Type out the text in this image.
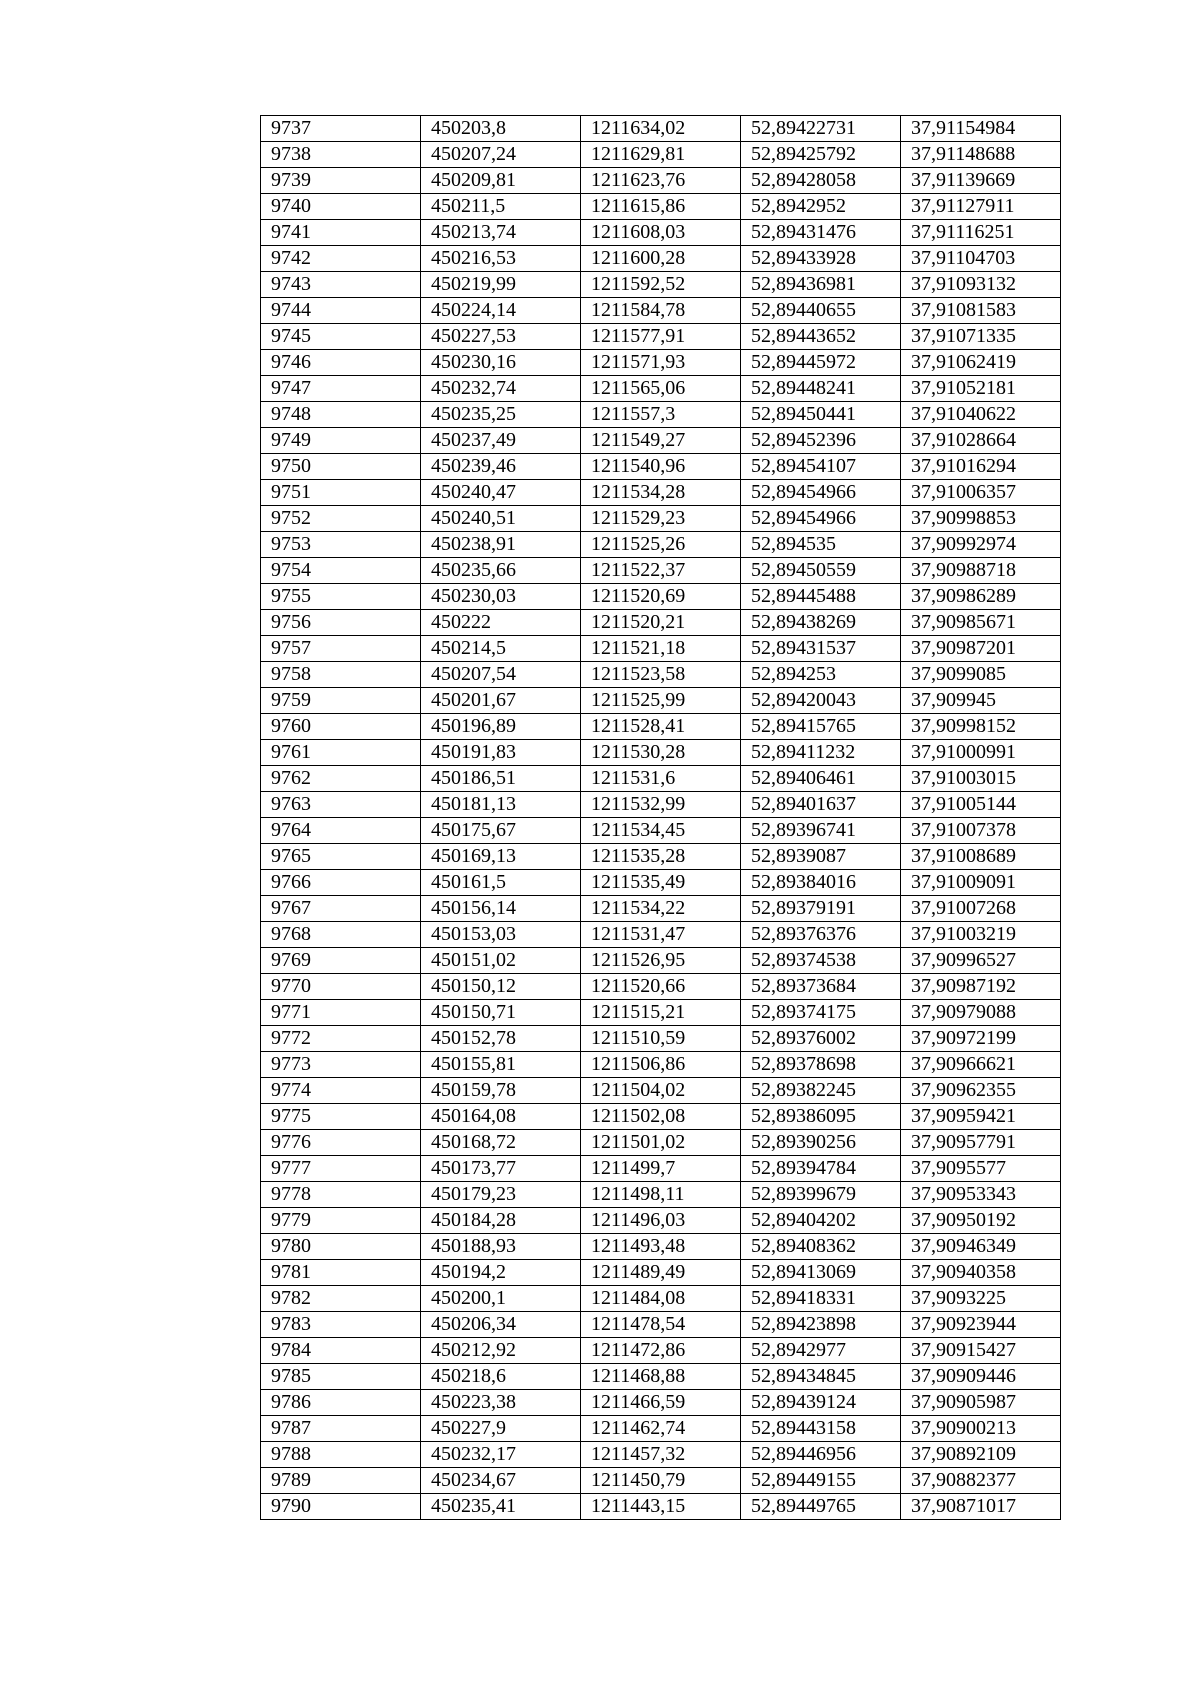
9737	450203,8	1211634,02	52,89422731	37,91154984
9738	450207,24	1211629,81	52,89425792	37,91148688
9739	450209,81	1211623,76	52,89428058	37,91139669
9740	450211,5	1211615,86	52,8942952	37,91127911
9741	450213,74	1211608,03	52,89431476	37,91116251
9742	450216,53	1211600,28	52,89433928	37,91104703
9743	450219,99	1211592,52	52,89436981	37,91093132
9744	450224,14	1211584,78	52,89440655	37,91081583
9745	450227,53	1211577,91	52,89443652	37,91071335
9746	450230,16	1211571,93	52,89445972	37,91062419
9747	450232,74	1211565,06	52,89448241	37,91052181
9748	450235,25	1211557,3	52,89450441	37,91040622
9749	450237,49	1211549,27	52,89452396	37,91028664
9750	450239,46	1211540,96	52,89454107	37,91016294
9751	450240,47	1211534,28	52,89454966	37,91006357
9752	450240,51	1211529,23	52,89454966	37,90998853
9753	450238,91	1211525,26	52,894535	37,90992974
9754	450235,66	1211522,37	52,89450559	37,90988718
9755	450230,03	1211520,69	52,89445488	37,90986289
9756	450222	1211520,21	52,89438269	37,90985671
9757	450214,5	1211521,18	52,89431537	37,90987201
9758	450207,54	1211523,58	52,894253	37,9099085
9759	450201,67	1211525,99	52,89420043	37,909945
9760	450196,89	1211528,41	52,89415765	37,90998152
9761	450191,83	1211530,28	52,89411232	37,91000991
9762	450186,51	1211531,6	52,89406461	37,91003015
9763	450181,13	1211532,99	52,89401637	37,91005144
9764	450175,67	1211534,45	52,89396741	37,91007378
9765	450169,13	1211535,28	52,8939087	37,91008689
9766	450161,5	1211535,49	52,89384016	37,91009091
9767	450156,14	1211534,22	52,89379191	37,91007268
9768	450153,03	1211531,47	52,89376376	37,91003219
9769	450151,02	1211526,95	52,89374538	37,90996527
9770	450150,12	1211520,66	52,89373684	37,90987192
9771	450150,71	1211515,21	52,89374175	37,90979088
9772	450152,78	1211510,59	52,89376002	37,90972199
9773	450155,81	1211506,86	52,89378698	37,90966621
9774	450159,78	1211504,02	52,89382245	37,90962355
9775	450164,08	1211502,08	52,89386095	37,90959421
9776	450168,72	1211501,02	52,89390256	37,90957791
9777	450173,77	1211499,7	52,89394784	37,9095577
9778	450179,23	1211498,11	52,89399679	37,90953343
9779	450184,28	1211496,03	52,89404202	37,90950192
9780	450188,93	1211493,48	52,89408362	37,90946349
9781	450194,2	1211489,49	52,89413069	37,90940358
9782	450200,1	1211484,08	52,89418331	37,9093225
9783	450206,34	1211478,54	52,89423898	37,90923944
9784	450212,92	1211472,86	52,8942977	37,90915427
9785	450218,6	1211468,88	52,89434845	37,90909446
9786	450223,38	1211466,59	52,89439124	37,90905987
9787	450227,9	1211462,74	52,89443158	37,90900213
9788	450232,17	1211457,32	52,89446956	37,90892109
9789	450234,67	1211450,79	52,89449155	37,90882377
9790	450235,41	1211443,15	52,89449765	37,90871017
